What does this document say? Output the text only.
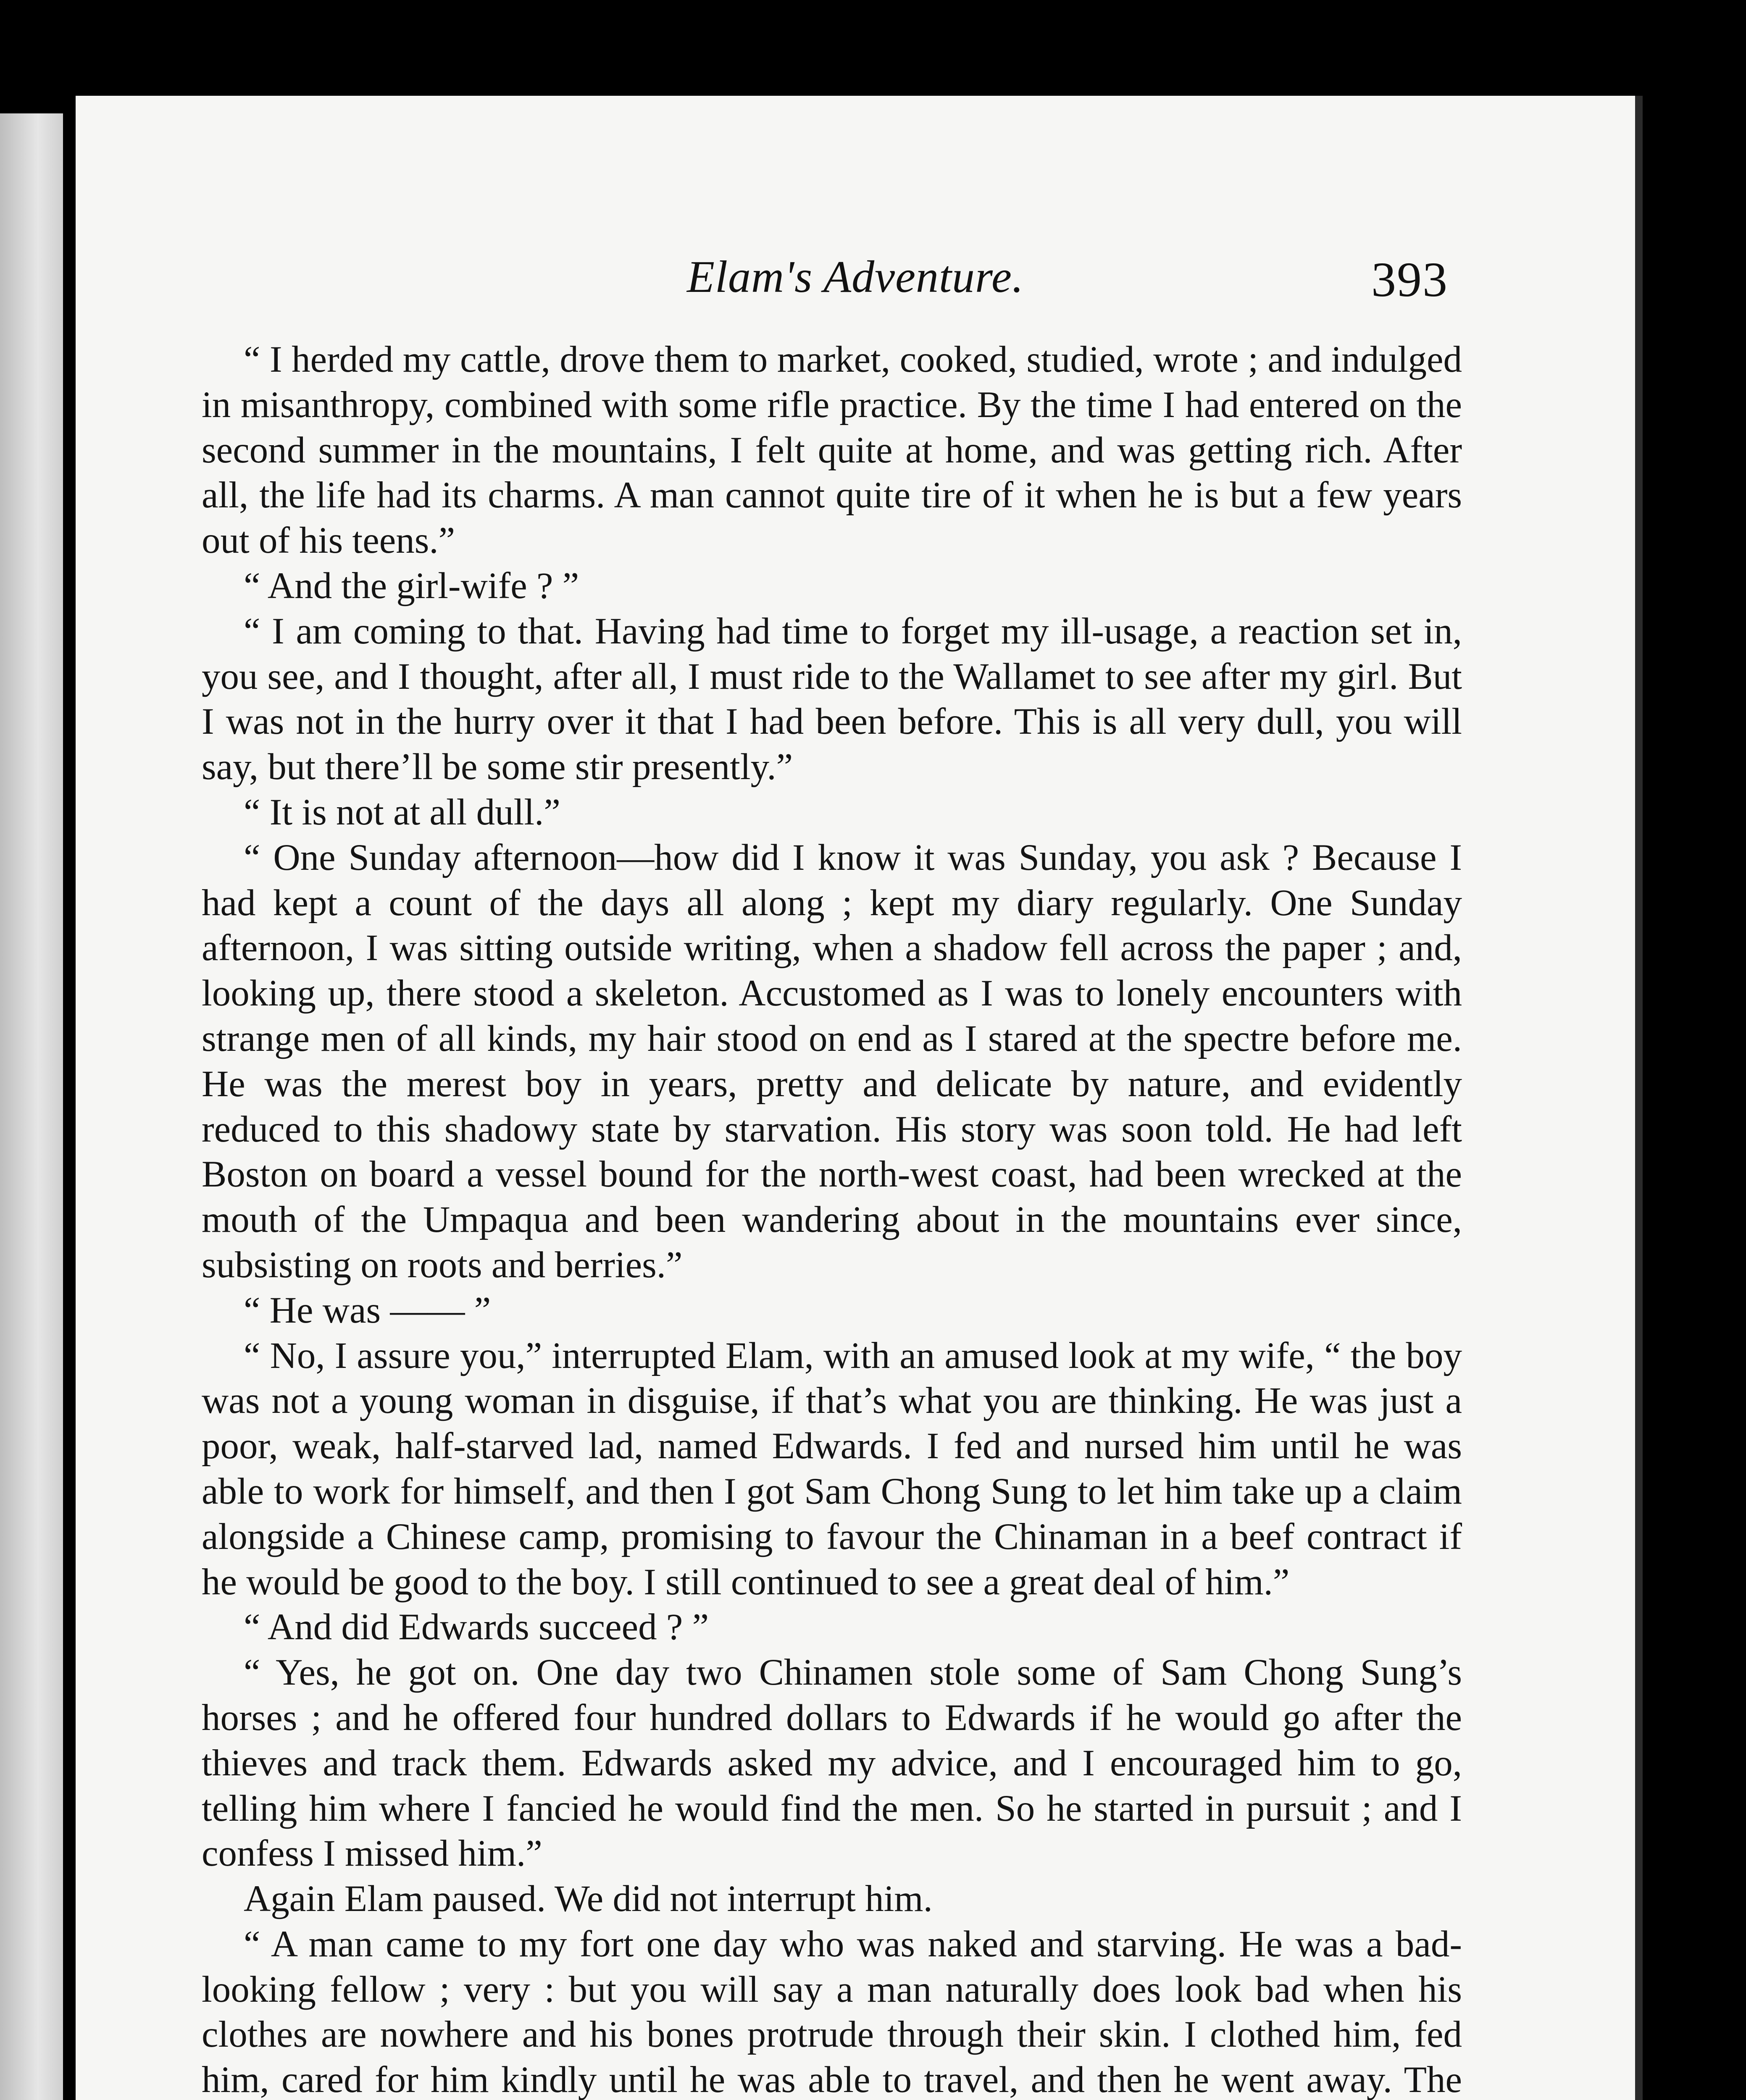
Elam's Adventure.	393

“ I herded my cattle, drove them to market, cooked, studied, wrote ; and indulged in misanthropy, combined with some rifle practice. By the time I had entered on the second summer in the mountains, I felt quite at home, and was getting rich. After all, the life had its charms. A man cannot quite tire of it when he is but a few years out of his teens.”

“ And the girl-wife ? ”

“ I am coming to that. Having had time to forget my ill-usage, a reaction set in, you see, and I thought, after all, I must ride to the Wallamet to see after my girl. But I was not in the hurry over it that I had been before. This is all very dull, you will say, but there’ll be some stir presently.”

“ It is not at all dull.”

“ One Sunday afternoon—how did I know it was Sunday, you ask ? Because I had kept a count of the days all along ; kept my diary regularly. One Sunday afternoon, I was sitting outside writing, when a shadow fell across the paper ; and, looking up, there stood a skeleton. Accustomed as I was to lonely encounters with strange men of all kinds, my hair stood on end as I stared at the spectre before me. He was the merest boy in years, pretty and delicate by nature, and evidently reduced to this shadowy state by starvation. His story was soon told. He had left Boston on board a vessel bound for the north-west coast, had been wrecked at the mouth of the Umpaqua and been wandering about in the mountains ever since, subsisting on roots and berries.”

“ He was —— ”

“ No, I assure you,” interrupted Elam, with an amused look at my wife, “ the boy was not a young woman in disguise, if that’s what you are thinking. He was just a poor, weak, half-starved lad, named Edwards. I fed and nursed him until he was able to work for himself, and then I got Sam Chong Sung to let him take up a claim alongside a Chinese camp, promising to favour the Chinaman in a beef contract if he would be good to the boy. I still continued to see a great deal of him.”

“ And did Edwards succeed ? ”

“ Yes, he got on. One day two Chinamen stole some of Sam Chong Sung’s horses ; and he offered four hundred dollars to Edwards if he would go after the thieves and track them. Edwards asked my advice, and I encouraged him to go, telling him where I fancied he would find the men. So he started in pursuit ; and I confess I missed him.”

Again Elam paused. We did not interrupt him.

“ A man came to my fort one day who was naked and starving. He was a bad-looking fellow ; very : but you will say a man naturally does look bad when his clothes are nowhere and his bones protrude through their skin. I clothed him, fed him, cared for him kindly until he was able to travel, and then he went away. The
